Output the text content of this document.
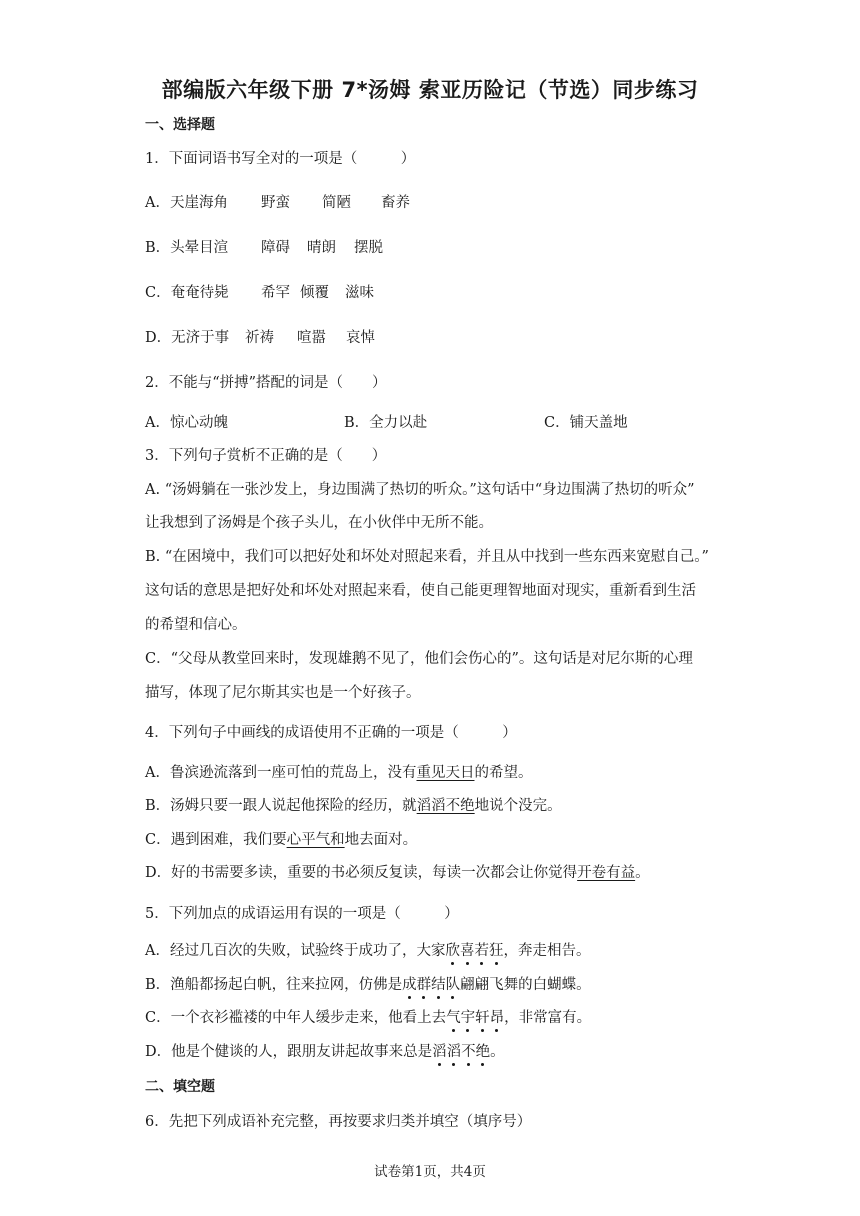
部编版六年级下册 7*汤姆 索亚历险记（节选）同步练习
一、选择题
1．下面词语书写全对的一项是（　　　）
A．天崖海角 野蛮 简陋 畜养
B．头晕目渲 障碍 晴朗 摆脱
C．奄奄待毙 希罕 倾覆 滋味
D．无济于事 祈祷 喧嚣 哀悼
2．不能与“拼搏”搭配的词是（　　）
A．惊心动魄	B．全力以赴	C．铺天盖地
3．下列句子赏析不正确的是（　　）
A. “汤姆躺在一张沙发上，身边围满了热切的听众。”这句话中“身边围满了热切的听众”
让我想到了汤姆是个孩子头儿，在小伙伴中无所不能。
B. “在困境中，我们可以把好处和坏处对照起来看，并且从中找到一些东西来宽慰自己。”
这句话的意思是把好处和坏处对照起来看，使自己能更理智地面对现实，重新看到生活
的希望和信心。
C．“父母从教堂回来时，发现雄鹅不见了，他们会伤心的”。这句话是对尼尔斯的心理
描写，体现了尼尔斯其实也是一个好孩子。
4．下列句子中画线的成语使用不正确的一项是（　　　）
A．鲁滨逊流落到一座可怕的荒岛上，没有重见天日的希望。
B．汤姆只要一跟人说起他探险的经历，就滔滔不绝地说个没完。
C．遇到困难，我们要心平气和地去面对。
D．好的书需要多读，重要的书必须反复读，每读一次都会让你觉得开卷有益。
5．下列加点的成语运用有误的一项是（　　　）
A．经过几百次的失败，试验终于成功了，大家欣喜若狂，奔走相告。
B．渔船都扬起白帆，往来拉网，仿佛是成群结队翩翩飞舞的白蝴蝶。
C．一个衣衫褴褛的中年人缓步走来，他看上去气宇轩昂，非常富有。
D．他是个健谈的人，跟朋友讲起故事来总是滔滔不绝。
二、填空题
6．先把下列成语补充完整，再按要求归类并填空（填序号）
试卷第1页，共4页
